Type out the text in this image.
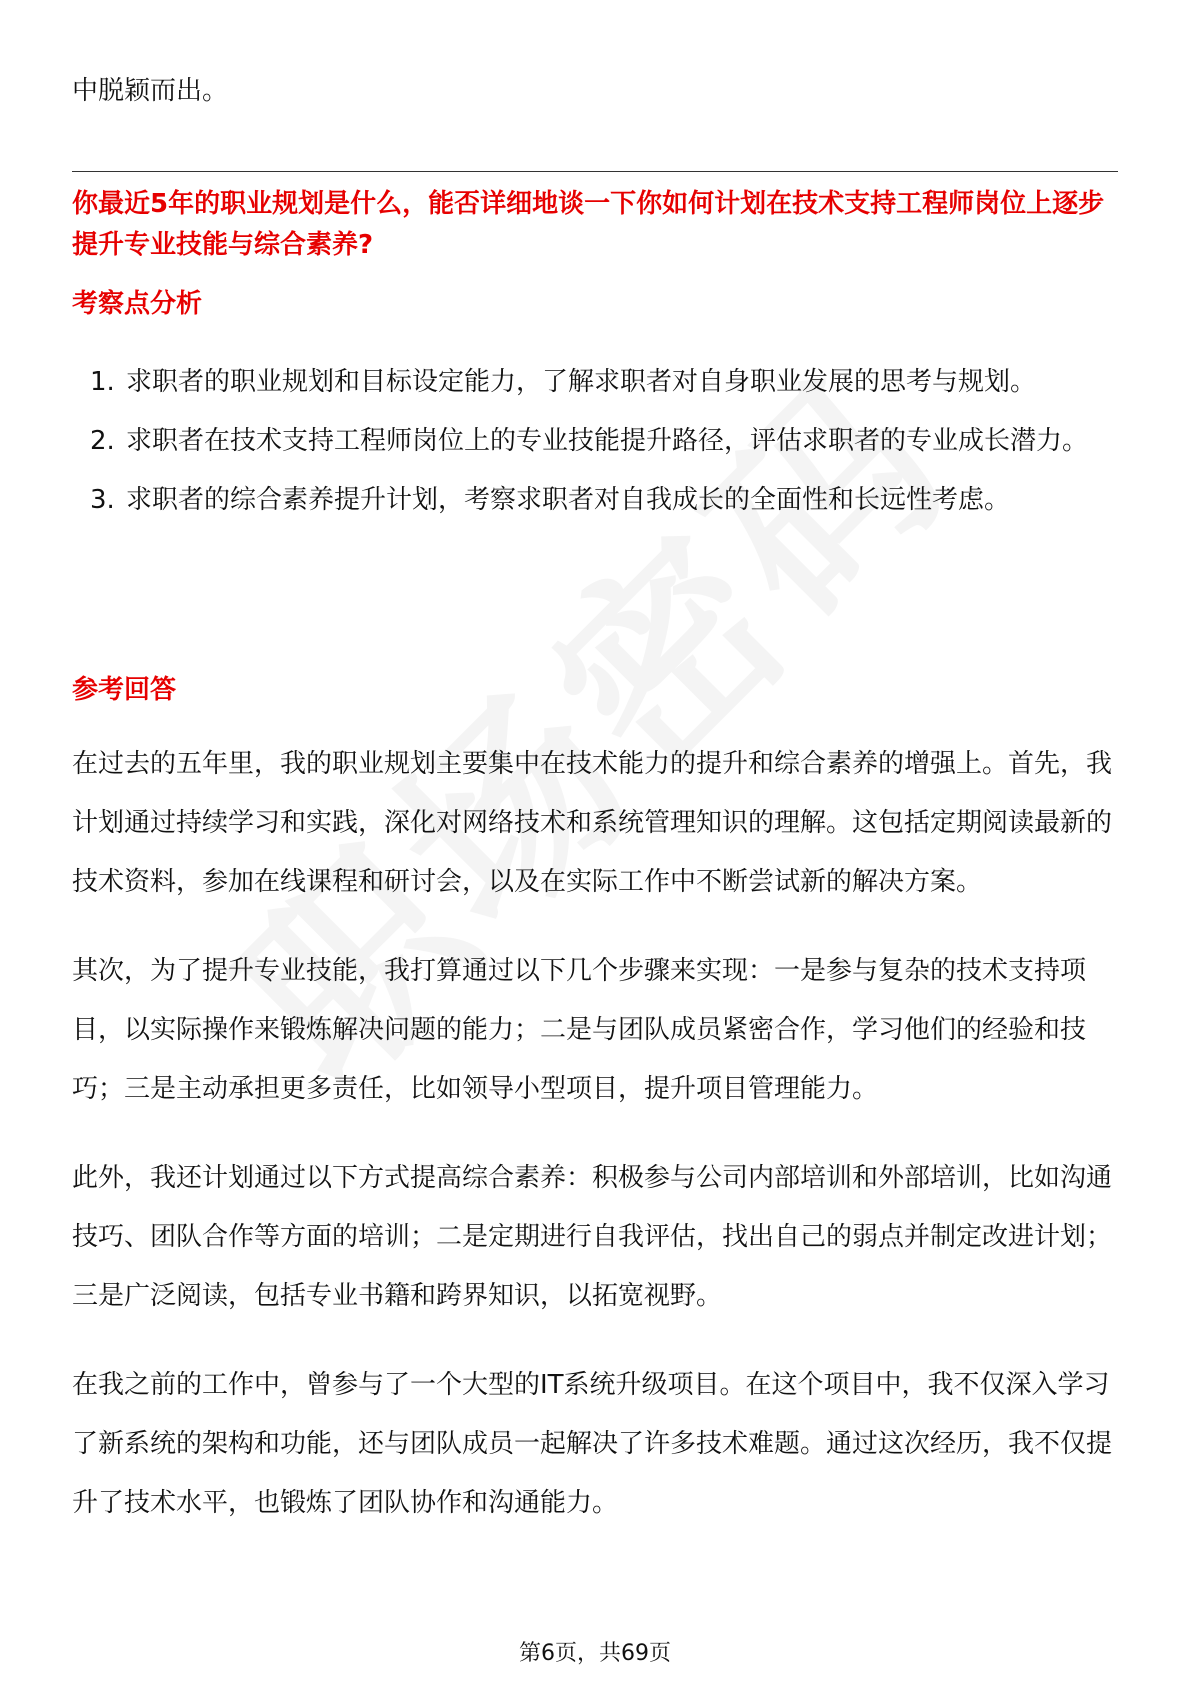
中脱颖而出。

你最近5年的职业规划是什么，能否详细地谈一下你如何计划在技术支持工程师岗位上逐步提升专业技能与综合素养?

考察点分析

1. 求职者的职业规划和目标设定能力，了解求职者对自身职业发展的思考与规划。
2. 求职者在技术支持工程师岗位上的专业技能提升路径，评估求职者的专业成长潜力。
3. 求职者的综合素养提升计划，考察求职者对自我成长的全面性和长远性考虑。

参考回答

在过去的五年里，我的职业规划主要集中在技术能力的提升和综合素养的增强上。首先，我计划通过持续学习和实践，深化对网络技术和系统管理知识的理解。这包括定期阅读最新的技术资料，参加在线课程和研讨会，以及在实际工作中不断尝试新的解决方案。

其次，为了提升专业技能，我打算通过以下几个步骤来实现：一是参与复杂的技术支持项目，以实际操作来锻炼解决问题的能力；二是与团队成员紧密合作，学习他们的经验和技巧；三是主动承担更多责任，比如领导小型项目，提升项目管理能力。

此外，我还计划通过以下方式提高综合素养：积极参与公司内部培训和外部培训，比如沟通技巧、团队合作等方面的培训；二是定期进行自我评估，找出自己的弱点并制定改进计划；三是广泛阅读，包括专业书籍和跨界知识，以拓宽视野。

在我之前的工作中，曾参与了一个大型的IT系统升级项目。在这个项目中，我不仅深入学习了新系统的架构和功能，还与团队成员一起解决了许多技术难题。通过这次经历，我不仅提升了技术水平，也锻炼了团队协作和沟通能力。

第6页，共69页
